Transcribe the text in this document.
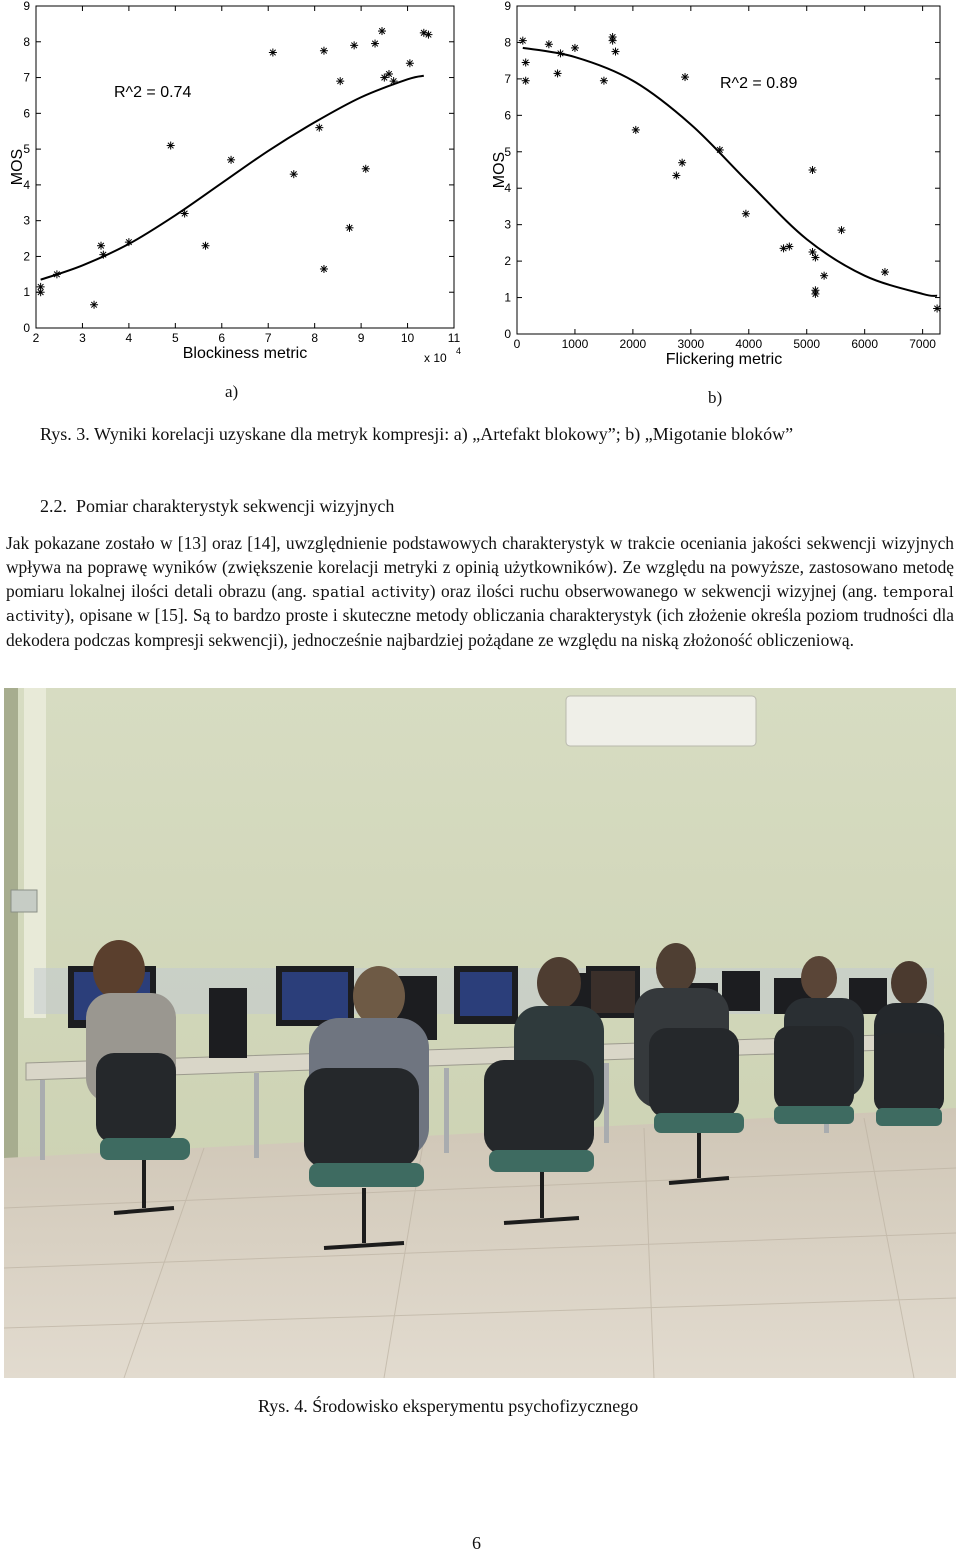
0
1
2
3
4
5
6
7
8
9
2	3	4	5	6	7	8	9	10	11
Blockiness metric
MOS
x 10 4
R^2 = 0.74
0
1
2
3
4
5
6
7
8
9
0	1000	2000	3000	4000	5000	6000	7000
Flickering metric
MOS
R^2 = 0.89
a)	b)
Rys. 3. Wyniki korelacji uzyskane dla metryk kompresji: a) „Artefakt blokowy”; b) „Migotanie bloków”
2.2. Pomiar charakterystyk sekwencji wizyjnych
Jak pokazane zostało w [13] oraz [14], uwzględnienie podstawowych charakterystyk w trakcie oceniania jakości sekwencji wizyjnych wpływa na poprawę wyników (zwiększenie korelacji metryki z opinią użytkowników). Ze względu na powyższe, zastosowano metodę pomiaru lokalnej ilości detali obrazu (ang. spatial activity) oraz ilości ruchu obserwowanego w sekwencji wizyjnej (ang. temporal activity), opisane w [15]. Są to bardzo proste i skuteczne metody obliczania charakterystyk (ich złożenie określa poziom trudności dla dekodera podczas kompresji sekwencji), jednocześnie najbardziej pożądane ze względu na niską złożoność obliczeniową.
Rys. 4. Środowisko eksperymentu psychofizycznego
6
